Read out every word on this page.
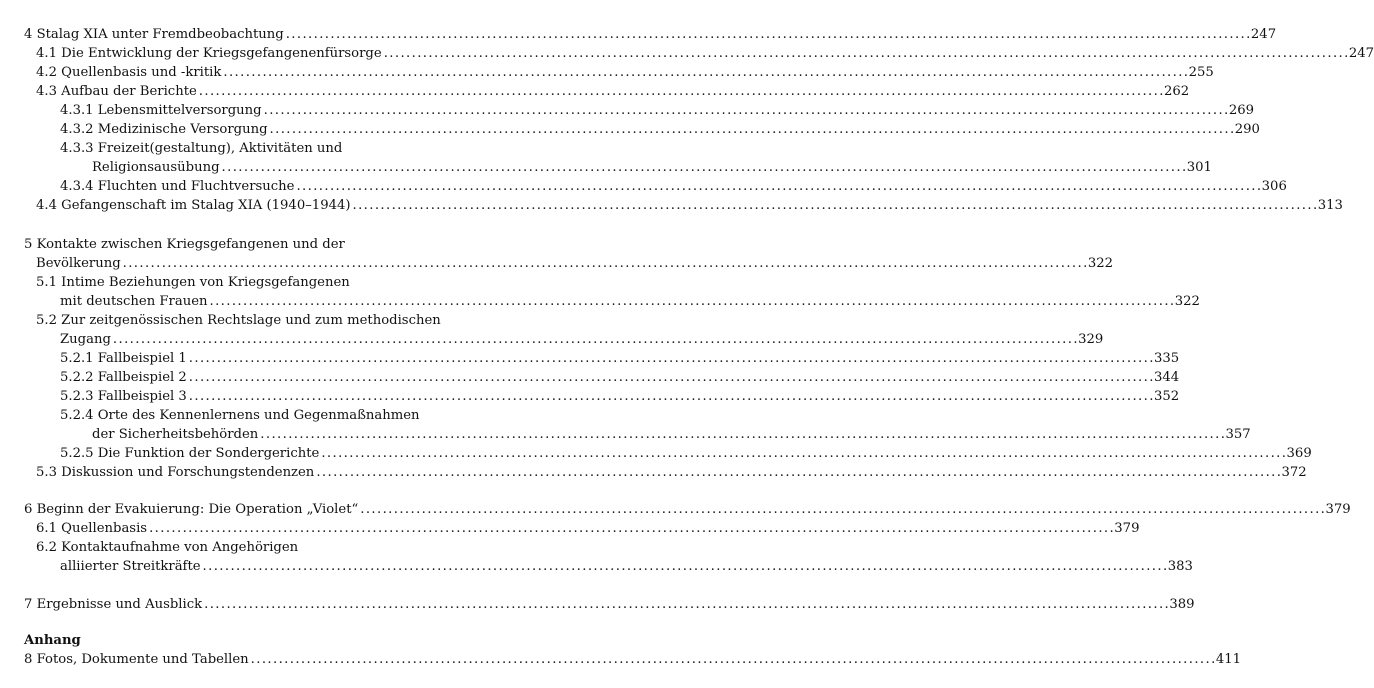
4 Stalag XIA unter Fremdbeobachtung . . .	247
4.1 Die Entwicklung der Kriegsgefangenenfürsorge . . .	247
4.2 Quellenbasis und -kritik . . .	255
4.3 Aufbau der Berichte . . .	262
4.3.1 Lebensmittelversorgung . . .	269
4.3.2 Medizinische Versorgung . . .	290
4.3.3 Freizeit(gestaltung), Aktivitäten und
Religionsausübung . . .	301
4.3.4 Fluchten und Fluchtversuche . . .	306
4.4 Gefangenschaft im Stalag XIA (1940–1944) . . .	313
5 Kontakte zwischen Kriegsgefangenen und der
Bevölkerung . . .	322
5.1 Intime Beziehungen von Kriegsgefangenen
mit deutschen Frauen . . .	322
5.2 Zur zeitgenössischen Rechtslage und zum methodischen
Zugang . . .	329
5.2.1 Fallbeispiel 1 . . .	335
5.2.2 Fallbeispiel 2 . . .	344
5.2.3 Fallbeispiel 3 . . .	352
5.2.4 Orte des Kennenlernens und Gegenmaßnahmen
der Sicherheitsbehörden . . .	357
5.2.5 Die Funktion der Sondergerichte . . .	369
5.3 Diskussion und Forschungstendenzen . . .	372
6 Beginn der Evakuierung: Die Operation „Violet“ . . .	379
6.1 Quellenbasis . . .	379
6.2 Kontaktaufnahme von Angehörigen
alliierter Streitkräfte . . .	383
7 Ergebnisse und Ausblick . . .	389
Anhang
8 Fotos, Dokumente und Tabellen . . .	411
